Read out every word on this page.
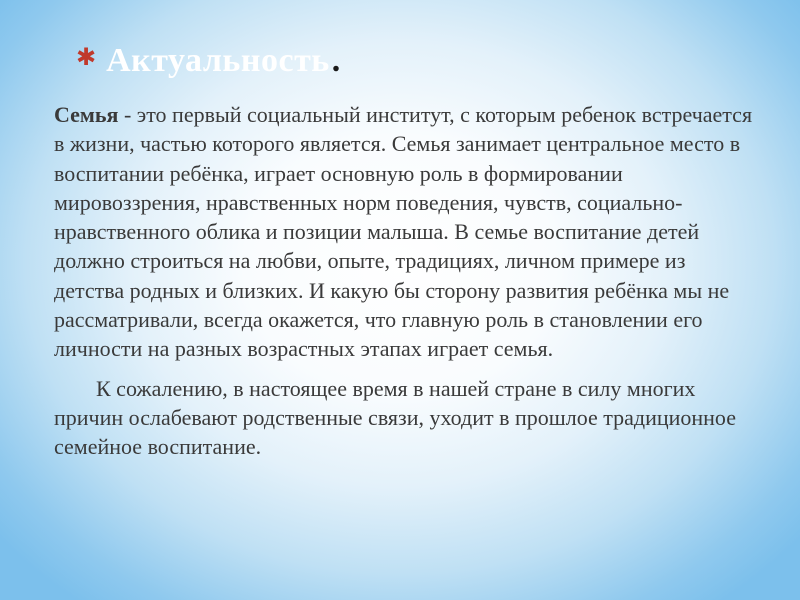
✱ Актуальность .

Семья - это первый социальный институт, с которым ребенок встречается в жизни, частью которого является. Семья занимает центральное место в воспитании ребёнка, играет основную роль в формировании мировоззрения, нравственных норм поведения, чувств, социально-нравственного облика и позиции малыша. В семье воспитание детей должно строиться на любви, опыте, традициях, личном примере из детства родных и близких. И какую бы сторону развития ребёнка мы не рассматривали, всегда окажется, что главную роль в становлении его личности на разных возрастных этапах играет семья.

К сожалению, в настоящее время в нашей стране в силу многих причин ослабевают родственные связи, уходит в прошлое традиционное семейное воспитание.
